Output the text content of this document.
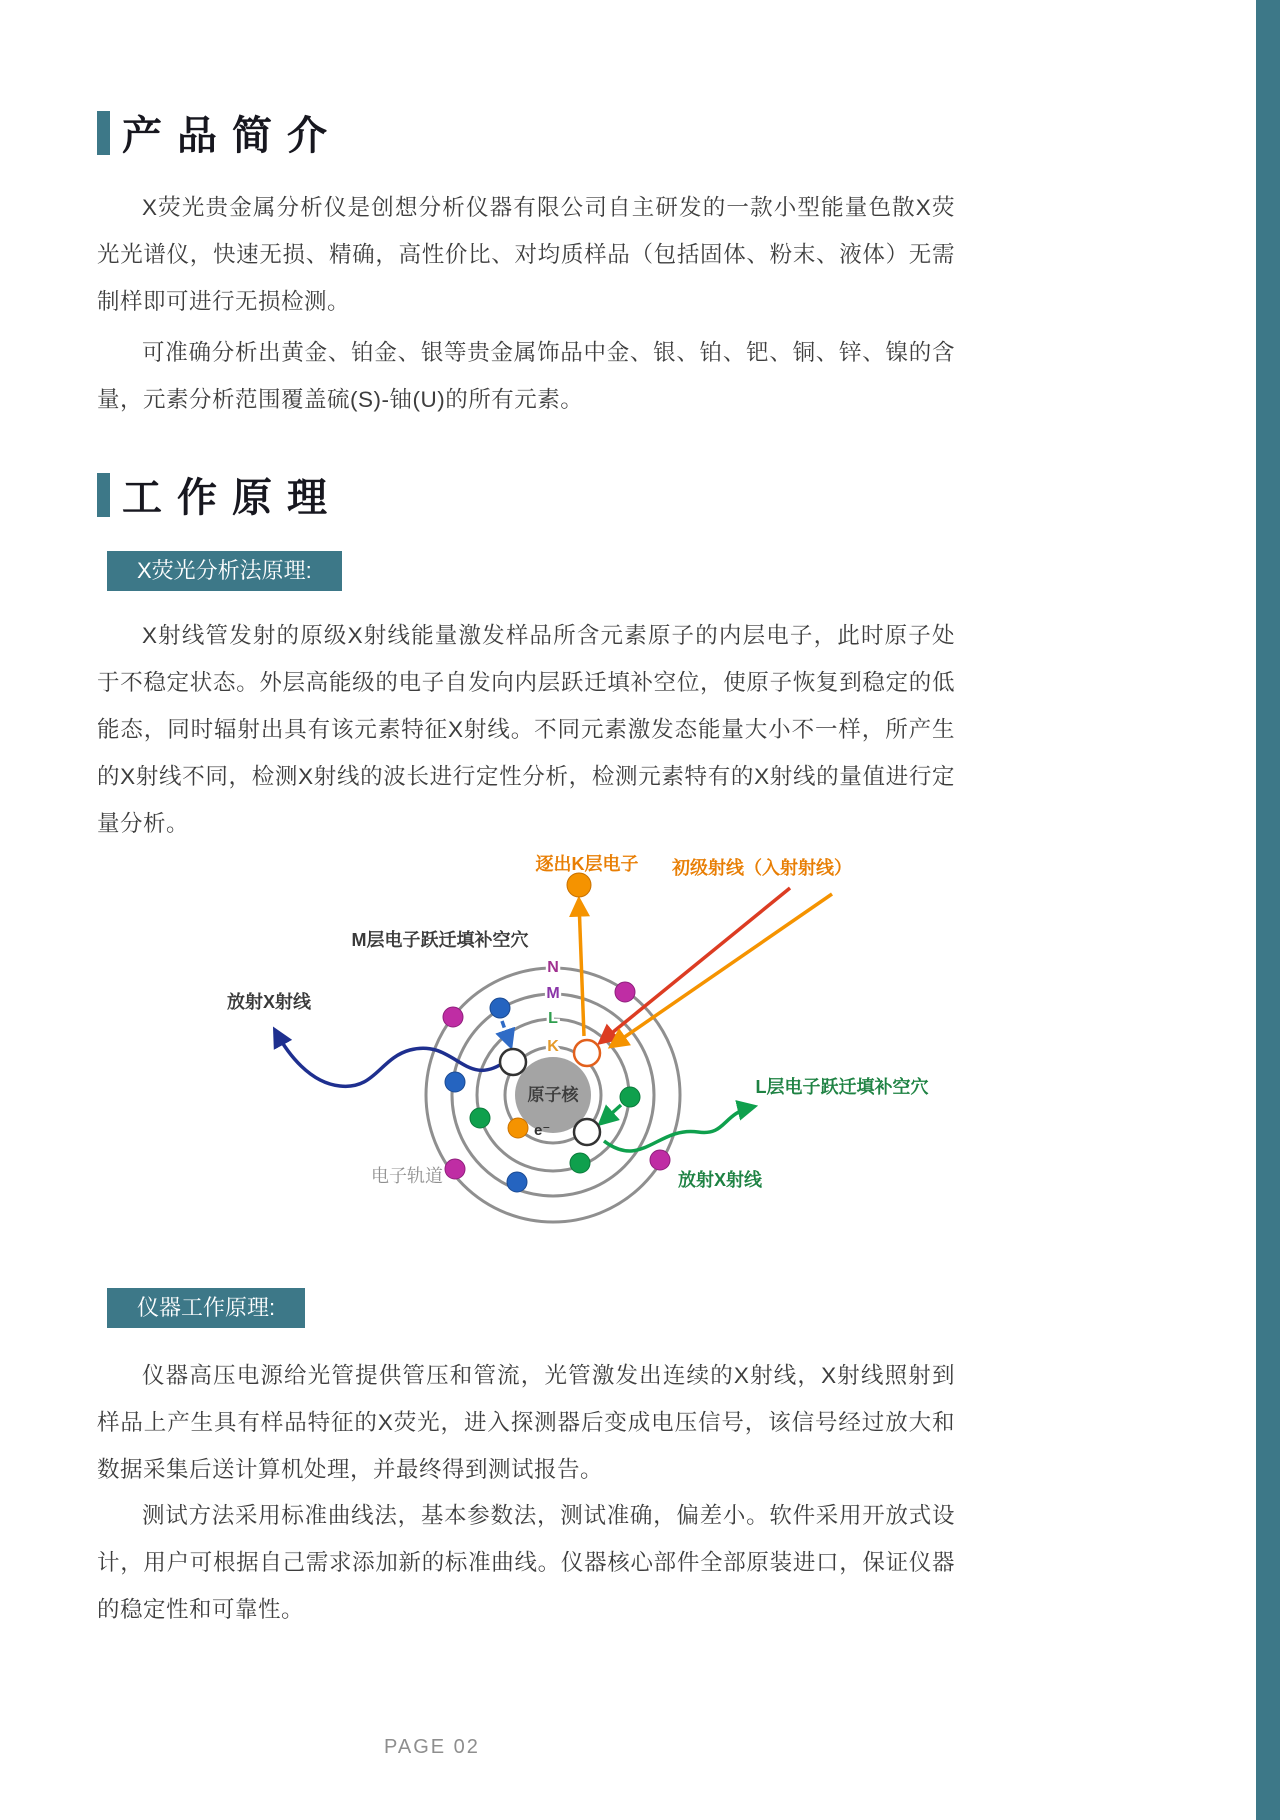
产品简介

X荧光贵金属分析仪是创想分析仪器有限公司自主研发的一款小型能量色散X荧光光谱仪，快速无损、精确，高性价比、对均质样品（包括固体、粉末、液体）无需制样即可进行无损检测。

可准确分析出黄金、铂金、银等贵金属饰品中金、银、铂、钯、铜、锌、镍的含量，元素分析范围覆盖硫(S)-铀(U)的所有元素。

工作原理
X荧光分析法原理:

X射线管发射的原级X射线能量激发样品所含元素原子的内层电子，此时原子处于不稳定状态。外层高能级的电子自发向内层跃迁填补空位，使原子恢复到稳定的低能态，同时辐射出具有该元素特征X射线。不同元素激发态能量大小不一样，所产生的X射线不同，检测X射线的波长进行定性分析，检测元素特有的X射线的量值进行定量分析。

原子核
N
M
L
K
e⁻
逐出K层电子 初级射线（入射射线）
M层电子跃迁填补空穴
放射X射线
L层电子跃迁填补空穴
放射X射线
电子轨道
仪器工作原理:

仪器高压电源给光管提供管压和管流，光管激发出连续的X射线，X射线照射到样品上产生具有样品特征的X荧光，进入探测器后变成电压信号，该信号经过放大和数据采集后送计算机处理，并最终得到测试报告。

测试方法采用标准曲线法，基本参数法，测试准确，偏差小。软件采用开放式设计，用户可根据自己需求添加新的标准曲线。仪器核心部件全部原装进口，保证仪器的稳定性和可靠性。

PAGE 02
